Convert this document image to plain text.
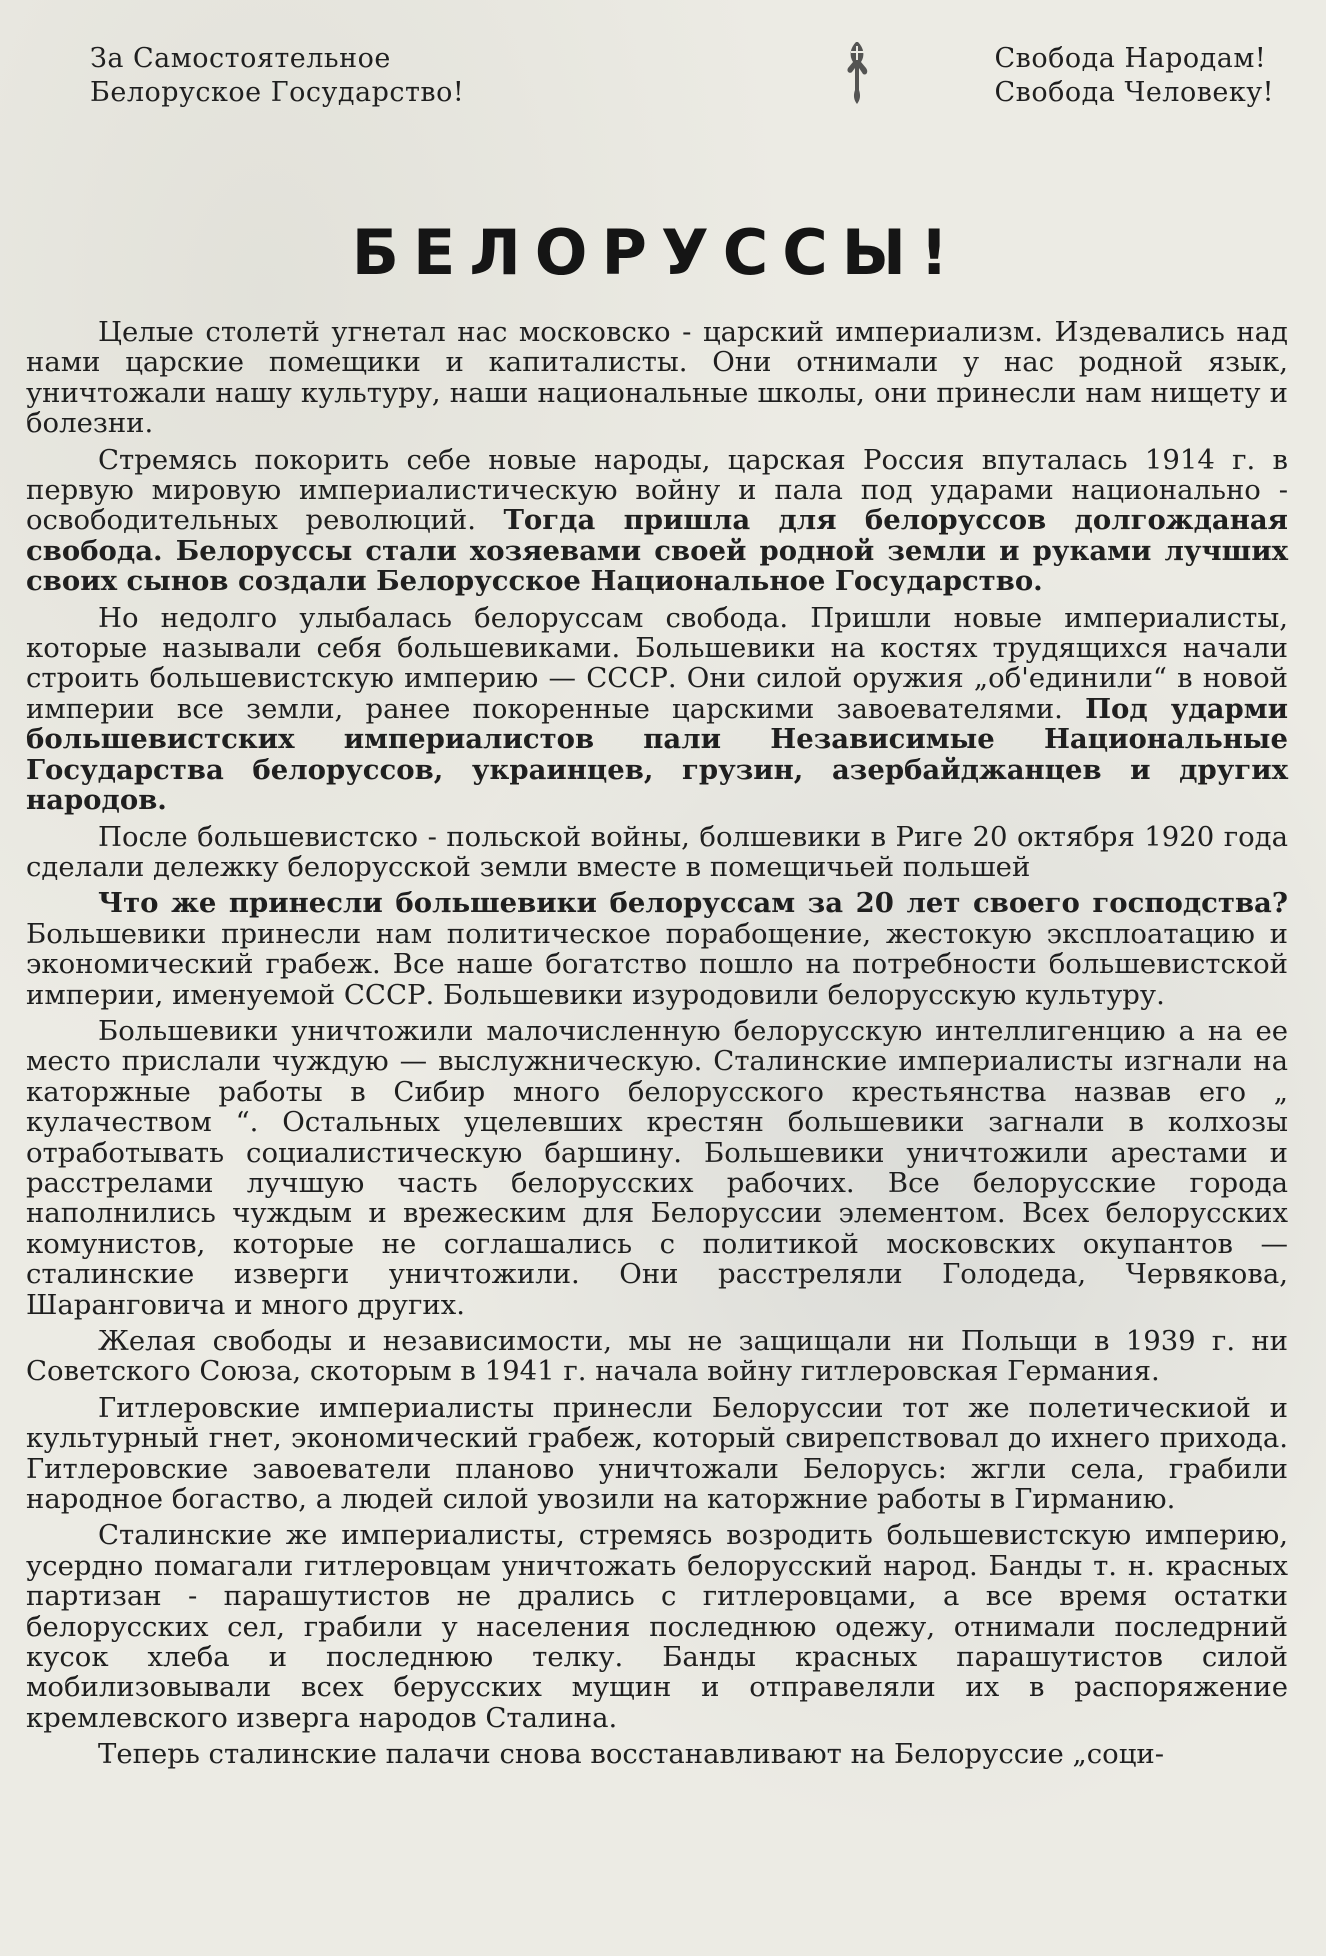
За Самостоятельное
Белоруское Государство!
Свобода Народам!
Свобода Человеку!
БЕЛОРУССЫ!

Целые столетй угнетал нас московско - царский империализм. Издевались над нами царские помещики и капиталисты. Они отнимали у нас родной язык, уничтожали нашу культуру, наши национальные школы, они принесли нам нищету и болезни.

Стремясь покорить себе новые народы, царская Россия впуталась 1914 г. в первую мировую империалистическую войну и пала под ударами национально - освободительных революций. Тогда пришла для белоруссов долгожданая свобода. Белоруссы стали хозяевами своей родной земли и руками лучших своих сынов создали Белорусское Национальное Государство.

Но недолго улыбалась белоруссам свобода. Пришли новые империалисты, которые называли себя большевиками. Большевики на костях трудящихся начали строить большевистскую империю — СССР. Они силой оружия „об'единили“ в новой империи все земли, ранее покоренные царскими завоевателями. Под ударми большевистских империалистов пали Независимые Национальные Государства белоруссов, украинцев, грузин, азербайджанцев и других народов.

После большевистско - польской войны, болшевики в Риге 20 октября 1920 года сделали дележку белорусской земли вместе в помещичьей польшей

Что же принесли большевики белоруссам за 20 лет своего господства? Большевики принесли нам политическое порабощение, жестокую эксплоатацию и экономический грабеж. Все наше богатство пошло на потребности большевистской империи, именуемой СССР. Большевики изуродовили белорусскую культуру.

Большевики уничтожили малочисленную белорусскую интеллигенцию а на ее место прислали чуждую — выслужническую. Сталинские империалисты изгнали на каторжные работы в Сибир много белорусского крестьянства назвав его „ кулачеством “. Остальных уцелевших крестян большевики загнали в колхозы отработывать социалистическую баршину. Большевики уничтожили арестами и расстрелами лучшую часть белорусских рабочих. Все белорусские города наполнились чуждым и врежеским для Белоруссии элементом. Всех белорусских комунистов, которые не соглашались с политикой московских окупантов — сталинские изверги уничтожили. Они расстреляли Голодеда, Червякова, Шаранговича и много других.

Желая свободы и независимости, мы не защищали ни Польщи в 1939 г. ни Советского Союза, скоторым в 1941 г. начала войну гитлеровская Германия.

Гитлеровские империалисты принесли Белоруссии тот же полетическиой и культурный гнет, экономический грабеж, который свирепствовал до ихнего прихода. Гитлеровские завоеватели планово уничтожали Белорусь: жгли села, грабили народное богаство, а людей силой увозили на каторжние работы в Гирманию.

Сталинские же империалисты, стремясь возродить большевистскую империю, усердно помагали гитлеровцам уничтожать белорусский народ. Банды т. н. красных партизан - парашутистов не дрались с гитлеровцами, а все время остатки белорусских сел, грабили у населения последнюю одежу, отнимали последрний кусок хлеба и последнюю телку. Банды красных парашутистов силой мобилизовывали всех беруcских мущин и отправеляли их в распоряжение кремлевского изверга народов Сталина.

Теперь сталинские палачи снова восстанавливают на Белоруссие „соци-
